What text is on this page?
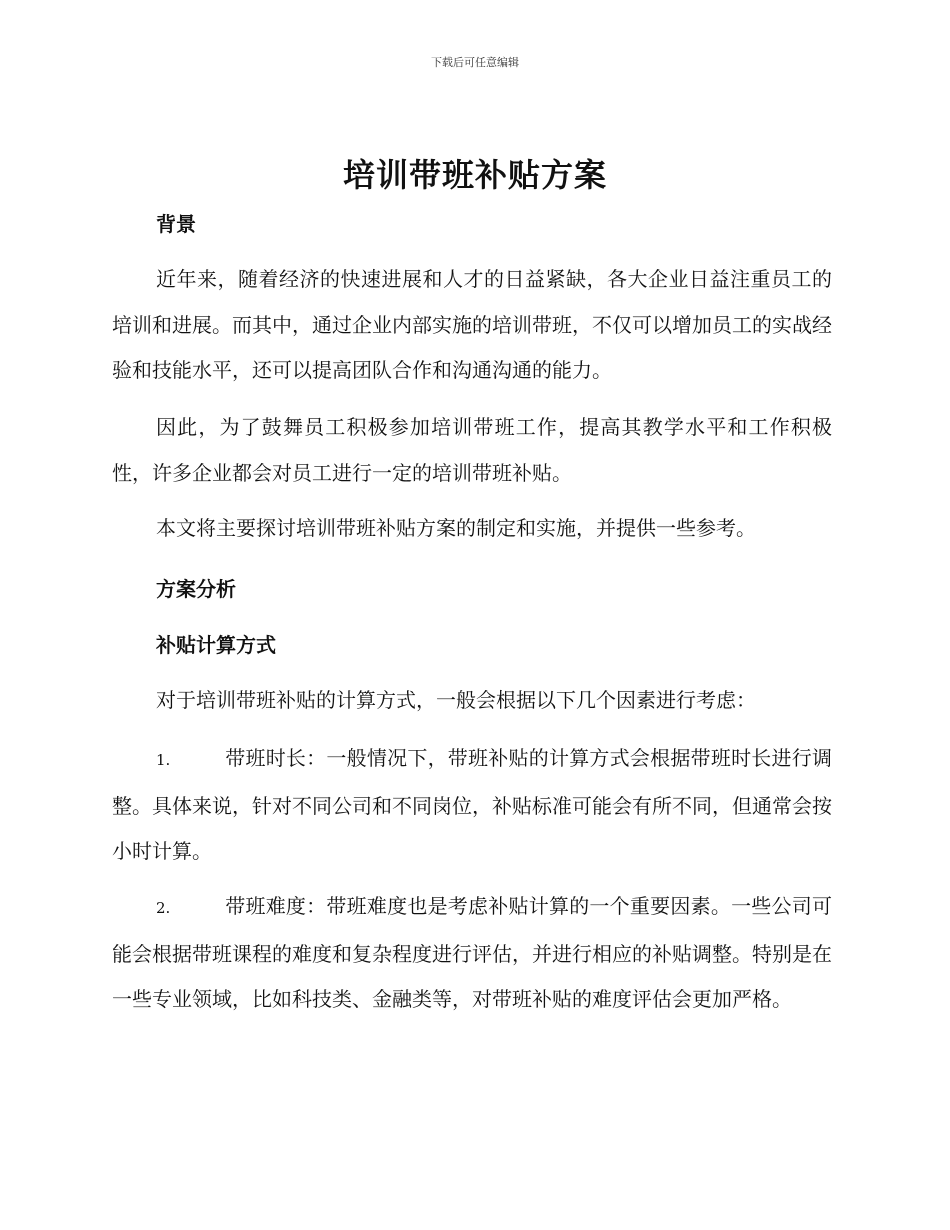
下载后可任意编辑
培训带班补贴方案
背景

近年来，随着经济的快速进展和人才的日益紧缺，各大企业日益注重员工的培训和进展。而其中，通过企业内部实施的培训带班，不仅可以增加员工的实战经验和技能水平，还可以提高团队合作和沟通沟通的能力。

因此，为了鼓舞员工积极参加培训带班工作，提高其教学水平和工作积极性，许多企业都会对员工进行一定的培训带班补贴。

本文将主要探讨培训带班补贴方案的制定和实施，并提供一些参考。

方案分析
补贴计算方式

对于培训带班补贴的计算方式，一般会根据以下几个因素进行考虑：

1.	带班时长：一般情况下，带班补贴的计算方式会根据带班时长进行调整。具体来说，针对不同公司和不同岗位，补贴标准可能会有所不同，但通常会按小时计算。

2.	带班难度：带班难度也是考虑补贴计算的一个重要因素。一些公司可能会根据带班课程的难度和复杂程度进行评估，并进行相应的补贴调整。特别是在一些专业领域，比如科技类、金融类等，对带班补贴的难度评估会更加严格。
